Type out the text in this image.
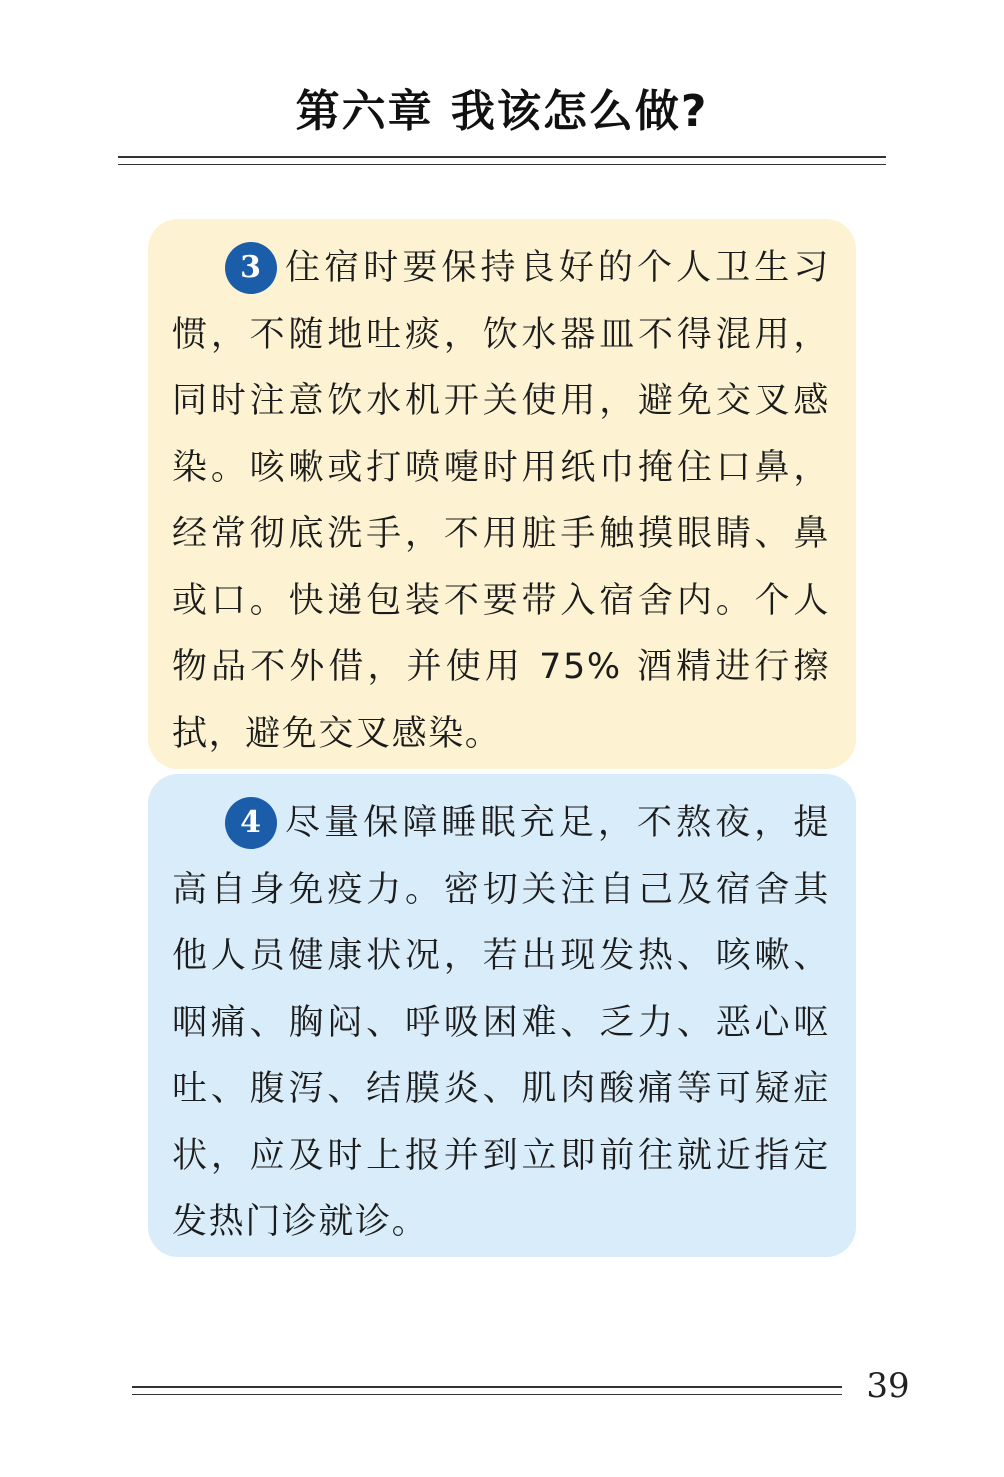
第六章 我该怎么做?
3 住宿时要保持良好的个人卫生习惯，不随地吐痰，饮水器皿不得混用，同时注意饮水机开关使用，避免交叉感染。咳嗽或打喷嚏时用纸巾掩住口鼻，经常彻底洗手，不用脏手触摸眼睛、鼻或口。快递包装不要带入宿舍内。个人物品不外借，并使用 75% 酒精进行擦拭，避免交叉感染。
4 尽量保障睡眠充足，不熬夜，提高自身免疫力。密切关注自己及宿舍其他人员健康状况，若出现发热、咳嗽、咽痛、胸闷、呼吸困难、乏力、恶心呕吐、腹泻、结膜炎、肌肉酸痛等可疑症状，应及时上报并到立即前往就近指定发热门诊就诊。
39
